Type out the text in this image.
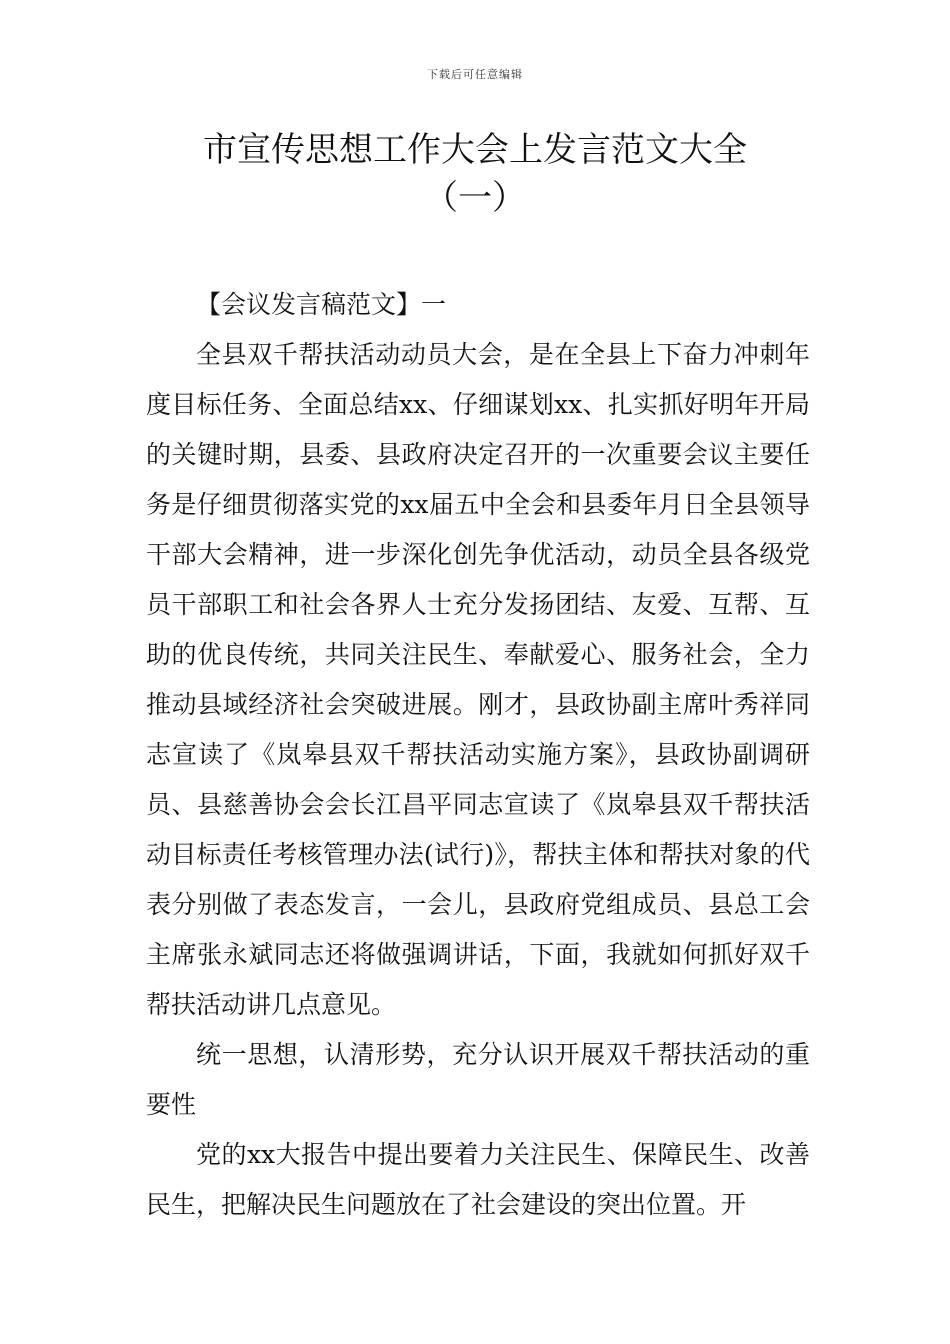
下载后可任意编辑
市宣传思想工作大会上发言范文大全
（一）

【会议发言稿范文】一

全县双千帮扶活动动员大会，是在全县上下奋力冲刺年度目标任务、全面总结xx、仔细谋划xx、扎实抓好明年开局的关键时期，县委、县政府决定召开的一次重要会议主要任务是仔细贯彻落实党的xx届五中全会和县委年月日全县领导干部大会精神，进一步深化创先争优活动，动员全县各级党员干部职工和社会各界人士充分发扬团结、友爱、互帮、互助的优良传统，共同关注民生、奉献爱心、服务社会，全力推动县域经济社会突破进展。刚才，县政协副主席叶秀祥同志宣读了《岚皋县双千帮扶活动实施方案》，县政协副调研员、县慈善协会会长江昌平同志宣读了《岚皋县双千帮扶活动目标责任考核管理办法(试行)》，帮扶主体和帮扶对象的代表分别做了表态发言，一会儿，县政府党组成员、县总工会主席张永斌同志还将做强调讲话，下面，我就如何抓好双千帮扶活动讲几点意见。

统一思想，认清形势，充分认识开展双千帮扶活动的重要性

党的xx大报告中提出要着力关注民生、保障民生、改善民生，把解决民生问题放在了社会建设的突出位置。开
